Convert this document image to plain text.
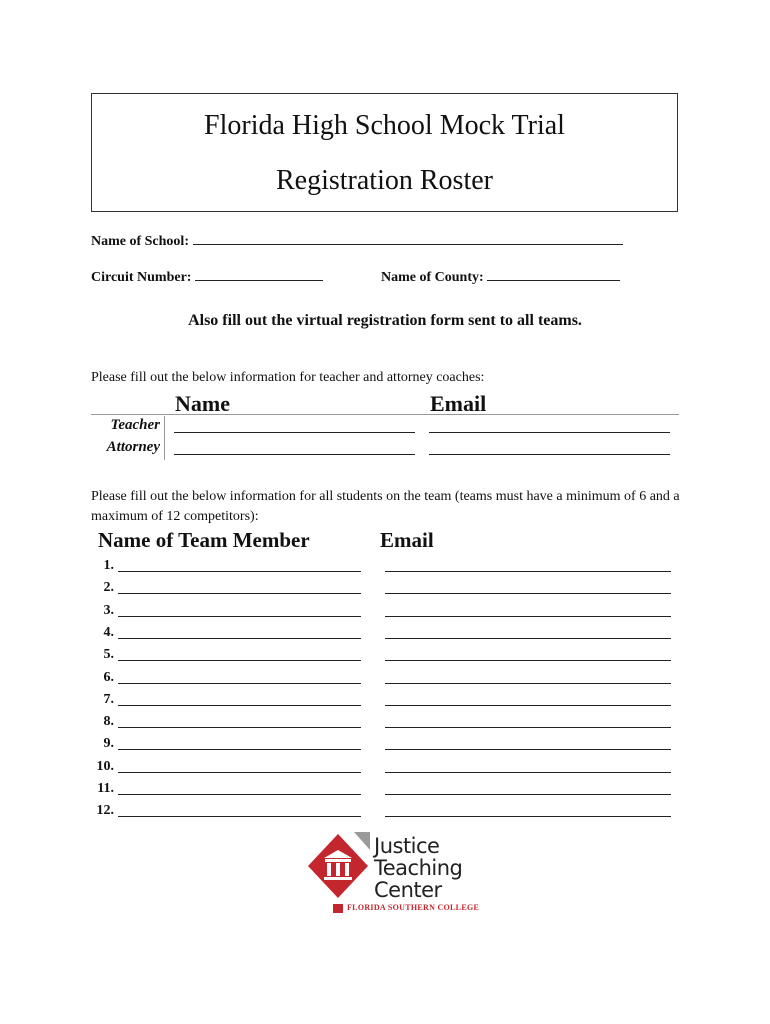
Florida High School Mock Trial
Registration Roster
Name of School:
Circuit Number:	Name of County:
Also fill out the virtual registration form sent to all teams.
Please fill out the below information for teacher and attorney coaches:
Name	Email
Teacher
Attorney
Please fill out the below information for all students on the team (teams must have a minimum of 6 and a maximum of 12 competitors):
Name of Team Member	Email
1.
2.
3.
4.
5.
6.
7.
8.
9.
10.
11.
12.
Justice
Teaching
Center
FLORIDA SOUTHERN COLLEGE
